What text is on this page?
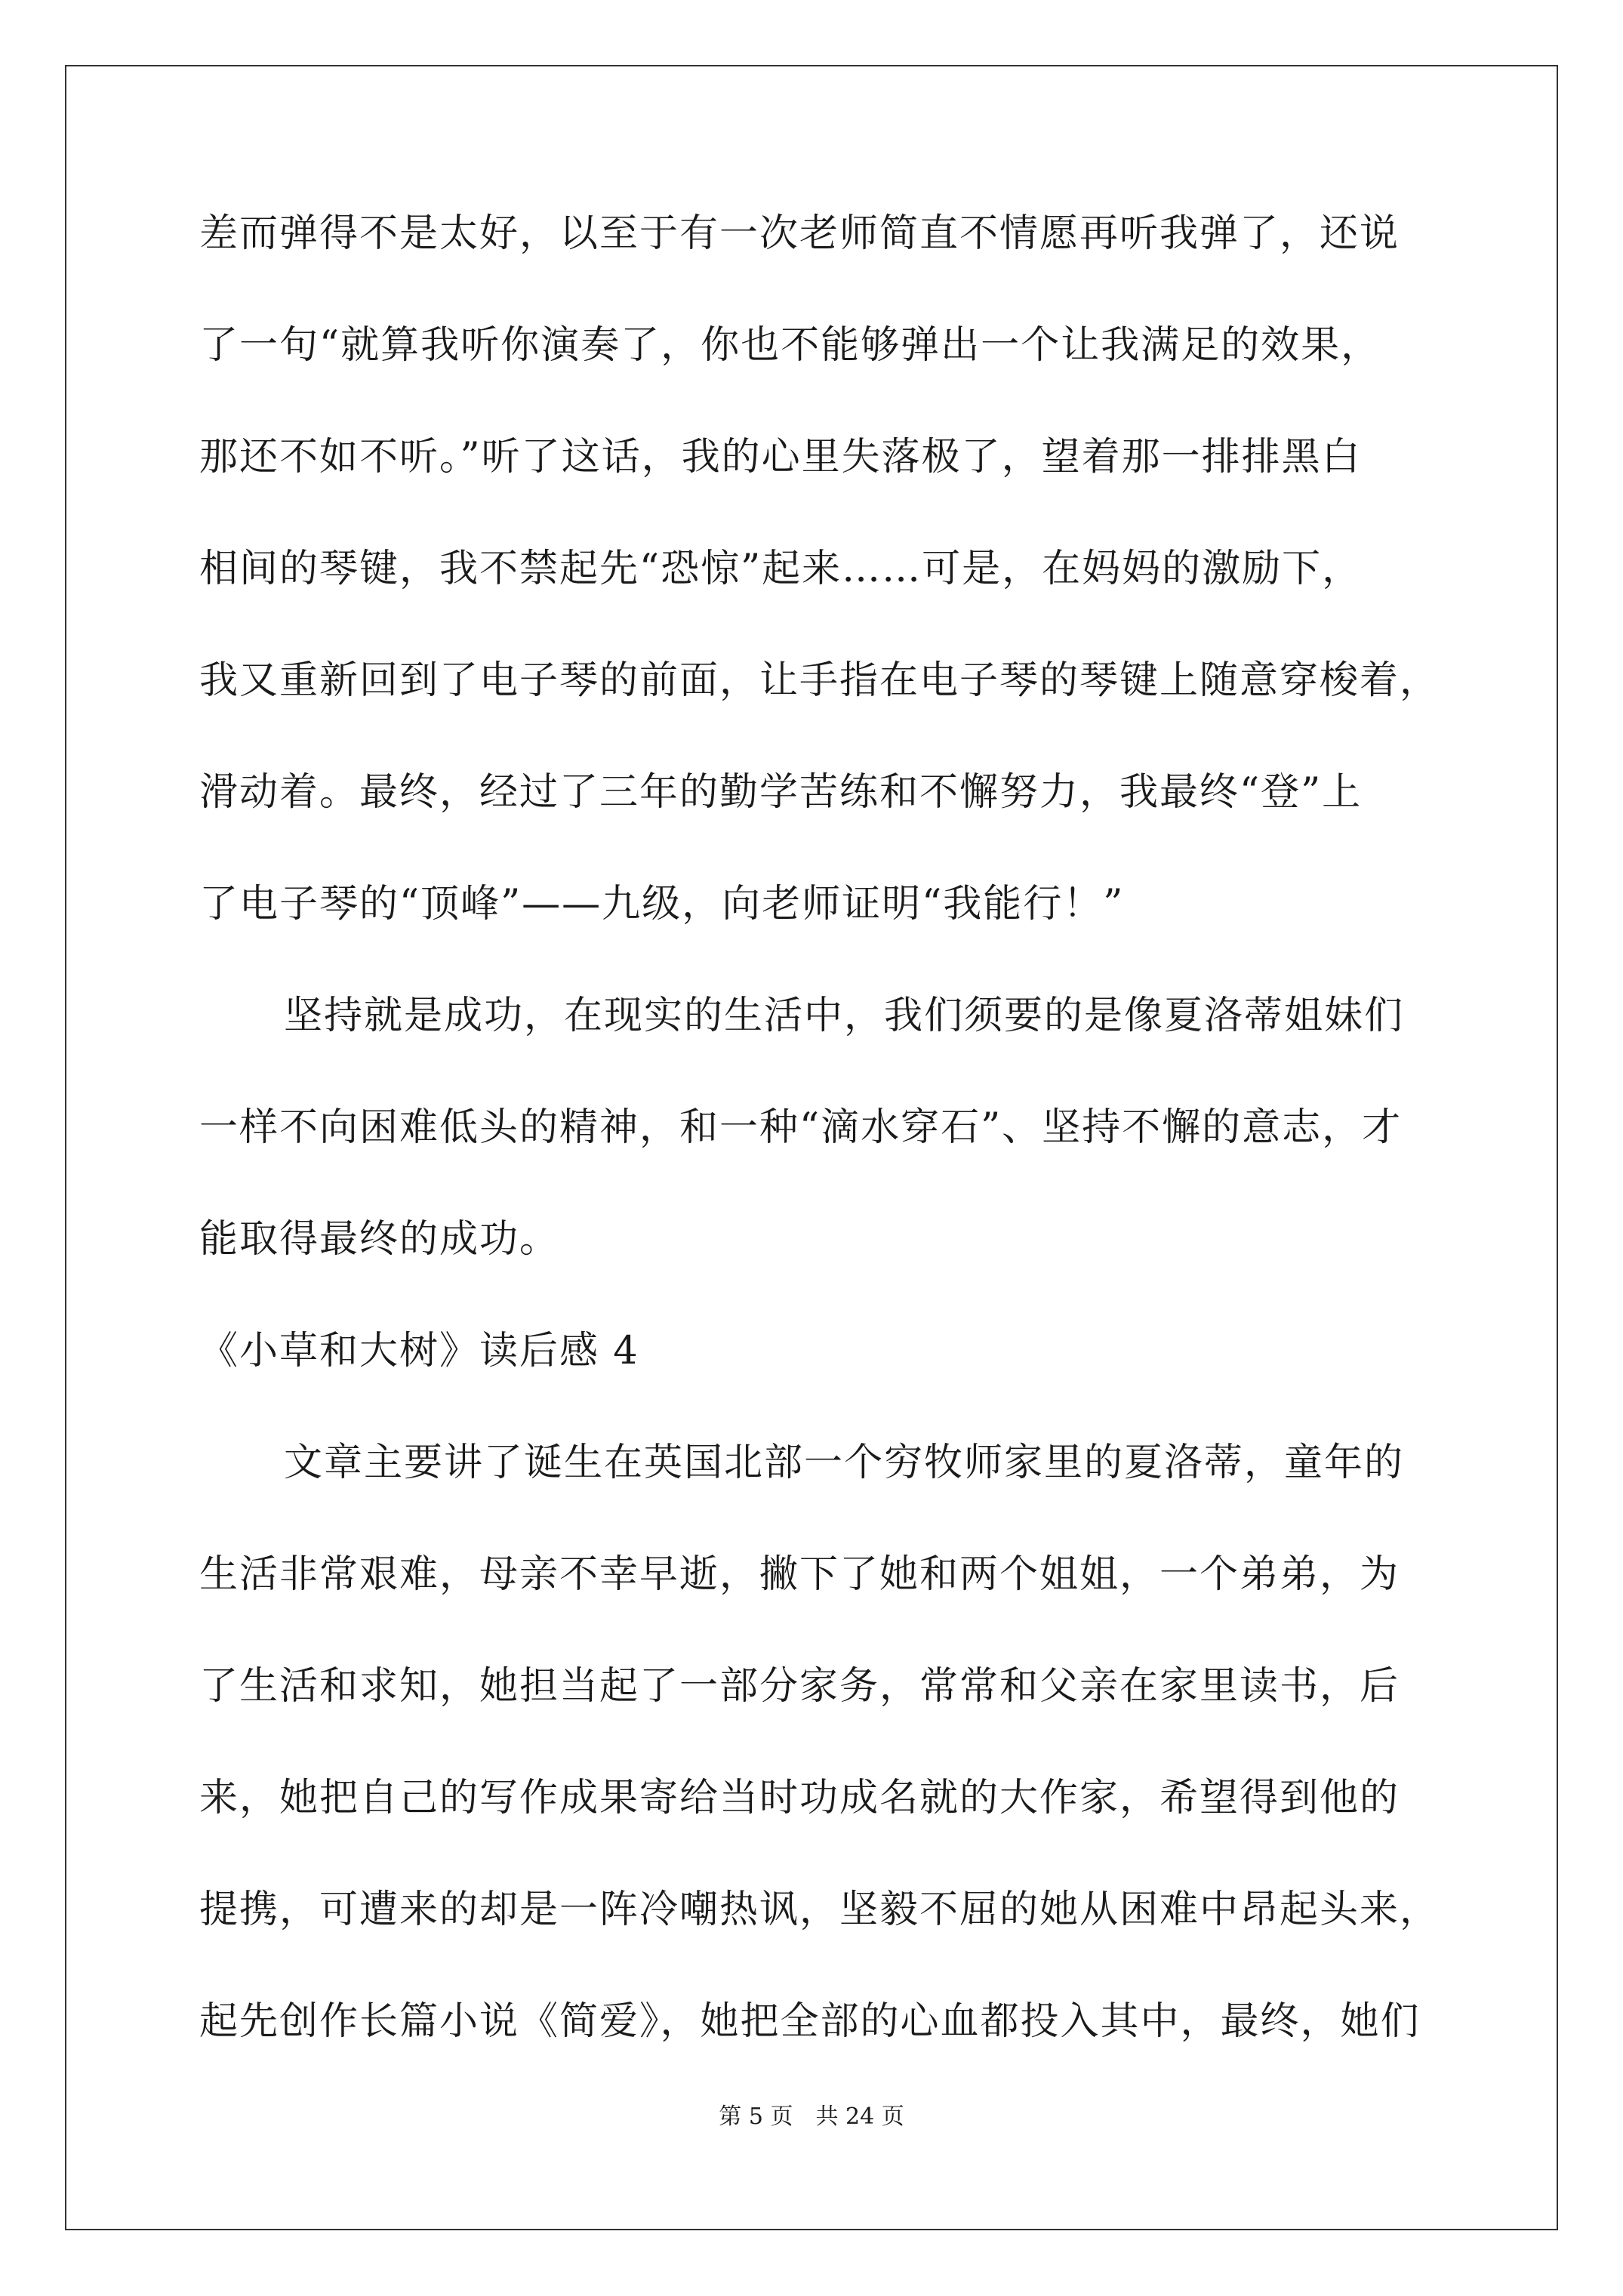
差而弹得不是太好，以至于有一次老师简直不情愿再听我弹了，还说
了一句“就算我听你演奏了，你也不能够弹出一个让我满足的效果，
那还不如不听。”听了这话，我的心里失落极了，望着那一排排黑白
相间的琴键，我不禁起先“恐惊”起来……可是，在妈妈的激励下，
我又重新回到了电子琴的前面，让手指在电子琴的琴键上随意穿梭着，
滑动着。最终，经过了三年的勤学苦练和不懈努力，我最终“登”上
了电子琴的“顶峰”——九级，向老师证明“我能行！”
坚持就是成功，在现实的生活中，我们须要的是像夏洛蒂姐妹们
一样不向困难低头的精神，和一种“滴水穿石”、坚持不懈的意志，才
能取得最终的成功。
《小草和大树》读后感 4
文章主要讲了诞生在英国北部一个穷牧师家里的夏洛蒂，童年的
生活非常艰难，母亲不幸早逝，撇下了她和两个姐姐，一个弟弟，为
了生活和求知，她担当起了一部分家务，常常和父亲在家里读书，后
来，她把自己的写作成果寄给当时功成名就的大作家，希望得到他的
提携，可遭来的却是一阵冷嘲热讽，坚毅不屈的她从困难中昂起头来，
起先创作长篇小说《简爱》，她把全部的心血都投入其中，最终，她们
第 5 页　共 24 页
